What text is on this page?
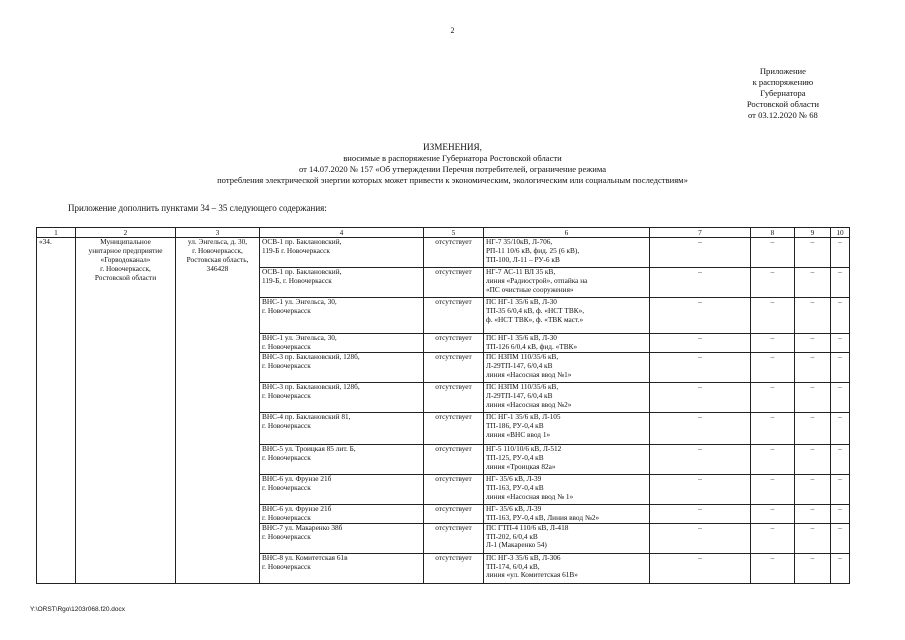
2
Приложение
к распоряжению
Губернатора
Ростовской области
от 03.12.2020 № 68
ИЗМЕНЕНИЯ,
вносимые в распоряжение Губернатора Ростовской области
от 14.07.2020 № 157 «Об утверждении Перечня потребителей, ограничение режима
потребления электрической энергии которых может привести к экономическим, экологическим или социальным последствиям»
Приложение дополнить пунктами 34 – 35 следующего содержания:
1	2	3	4	5	6	7	8	9	10
«34.	Муниципальное
унитарное предприятие
«Горводоканал»
г. Новочеркасск,
Ростовской области	ул. Энгельса, д. 30,
г. Новочеркасск,
Ростовская область,
346428	ОСВ-1 пр. Баклановский,
119-Б г. Новочеркасск	отсутствует	НГ-7 35/10кВ, Л-706,
РП-11 10/6 кВ, фид. 25 (6 кВ),
ТП-100, Л-11 – РУ-6 кВ	–	–	–	–

			ОСВ-1 пр. Баклановский,
119-Б, г. Новочеркасск	отсутствует	НГ-7 АС-11 ВЛ 35 кВ,
линия «Радиострой», отпайка на
«ПС очистные сооружения»	–	–	–	–

			ВНС-1 ул. Энгельса, 30,
г. Новочеркасск	отсутствует	ПС НГ-1 35/6 кВ, Л-30
ТП-35 6/0,4 кВ, ф. «НСТ ТВК»,
ф. «НСТ ТВК», ф. «ТВК маст.»	–	–	–	–

			ВНС-1 ул. Энгельса, 30,
г. Новочеркасск	отсутствует	ПС НГ-1 35/6 кВ, Л-30
ТП-126 6/0,4 кВ, фид. «ТВК»	–	–	–	–

			ВНС-3 пр. Баклановский, 128б,
г. Новочеркасск	отсутствует	ПС НЗПМ 110/35/6 кВ,
Л-29ТП-147, 6/0,4 кВ
линия «Насосная ввод №1»	–	–	–	–

			ВНС-3 пр. Баклановский, 128б,
г. Новочеркасск	отсутствует	ПС НЗПМ 110/35/6 кВ,
Л-29ТП-147, 6/0,4 кВ
линия «Насосная ввод №2»	–	–	–	–

			ВНС-4 пр. Баклановский 81,
г. Новочеркасск	отсутствует	ПС НГ-1 35/6 кВ, Л-105
ТП-186, РУ-0,4 кВ
линия «ВНС ввод 1»	–	–	–	–

			ВНС-5 ул. Троицкая 85 лит. Б,
г. Новочеркасск	отсутствует	НГ-5 110/10/6 кВ, Л-512
ТП-125, РУ-0,4 кВ
линия «Троицкая 82а»	–	–	–	–

			ВНС-6 ул. Фрунзе 21б
г. Новочеркасск	отсутствует	НГ- 35/6 кВ, Л-39
ТП-163, РУ-0,4 кВ
линия «Насосная ввод № 1»	–	–	–	–

			ВНС-6 ул. Фрунзе 21б
г. Новочеркасск	отсутствует	НГ- 35/6 кВ, Л-39
ТП-163, РУ-0,4 кВ, Линия ввод №2»	–	–	–	–

			ВНС-7 ул. Макаренко 38б
г. Новочеркасск	отсутствует	ПС ГТП-4 110/6 кВ, Л-418
ТП-202, 6/0,4 кВ
Л-1 (Макаренко 54)	–	–	–	–

			ВНС-8 ул. Комитетская 61в
г. Новочеркасск	отсутствует	ПС НГ-3 35/6 кВ, Л-306
ТП-174, 6/0,4 кВ,
линия «ул. Комитетская 61В»	–	–	–	–
Y:\ORST\Rgo\1203r068.f20.docx
